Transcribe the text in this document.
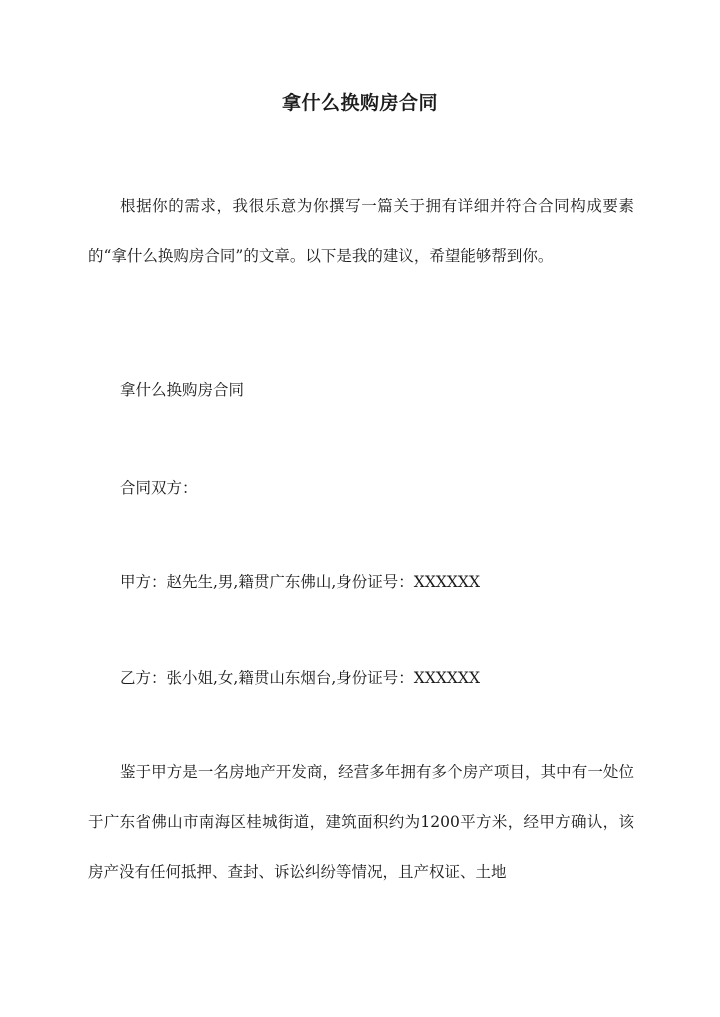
拿什么换购房合同

根据你的需求，我很乐意为你撰写一篇关于拥有详细并符合合同构成要素的“拿什么换购房合同”的文章。以下是我的建议，希望能够帮到你。

拿什么换购房合同

合同双方：

甲方：赵先生,男,籍贯广东佛山,身份证号：XXXXXX

乙方：张小姐,女,籍贯山东烟台,身份证号：XXXXXX

鉴于甲方是一名房地产开发商，经营多年拥有多个房产项目，其中有一处位于广东省佛山市南海区桂城街道，建筑面积约为1200平方米，经甲方确认，该房产没有任何抵押、查封、诉讼纠纷等情况，且产权证、土地
